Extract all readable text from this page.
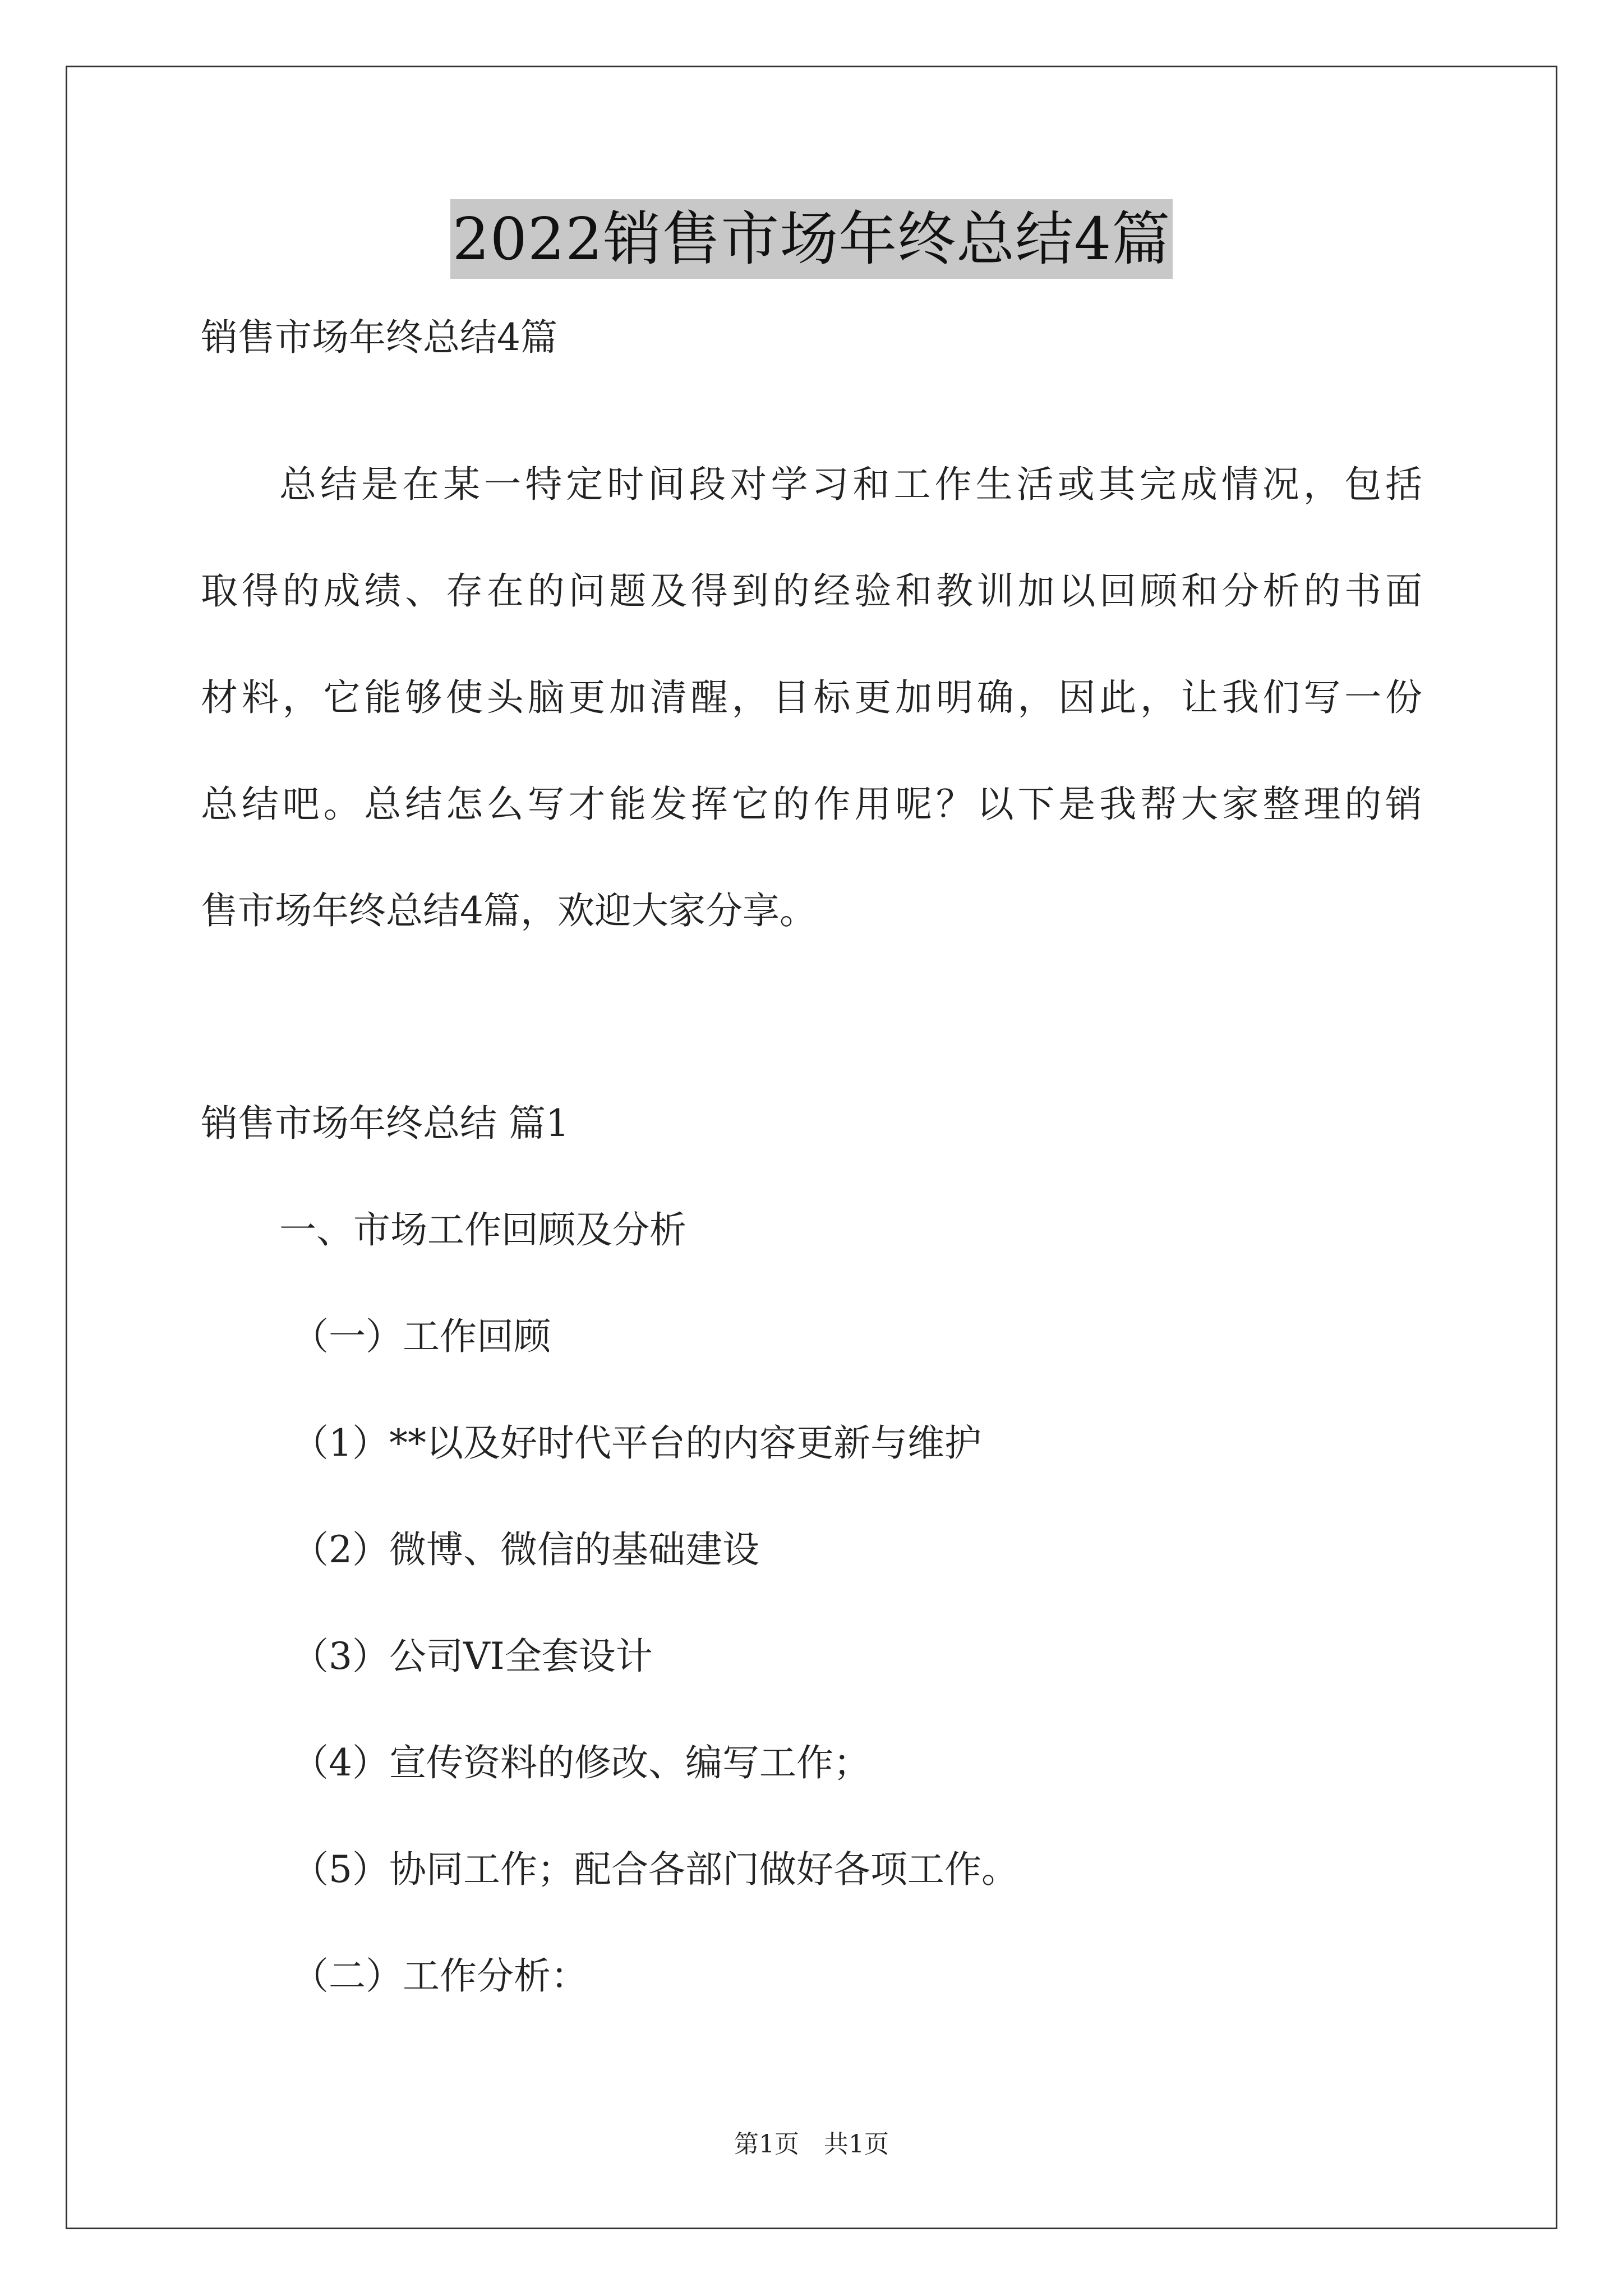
2022销售市场年终总结4篇
销售市场年终总结4篇
总结是在某一特定时间段对学习和工作生活或其完成情况，包括
取得的成绩、存在的问题及得到的经验和教训加以回顾和分析的书面
材料，它能够使头脑更加清醒，目标更加明确，因此，让我们写一份
总结吧。总结怎么写才能发挥它的作用呢？以下是我帮大家整理的销
售市场年终总结4篇，欢迎大家分享。
销售市场年终总结 篇1
一、市场工作回顾及分析
（一）工作回顾
（1）**以及好时代平台的内容更新与维护
（2）微博、微信的基础建设
（3）公司VI全套设计
（4）宣传资料的修改、编写工作；
（5）协同工作；配合各部门做好各项工作。
（二）工作分析：
第1页　共1页
